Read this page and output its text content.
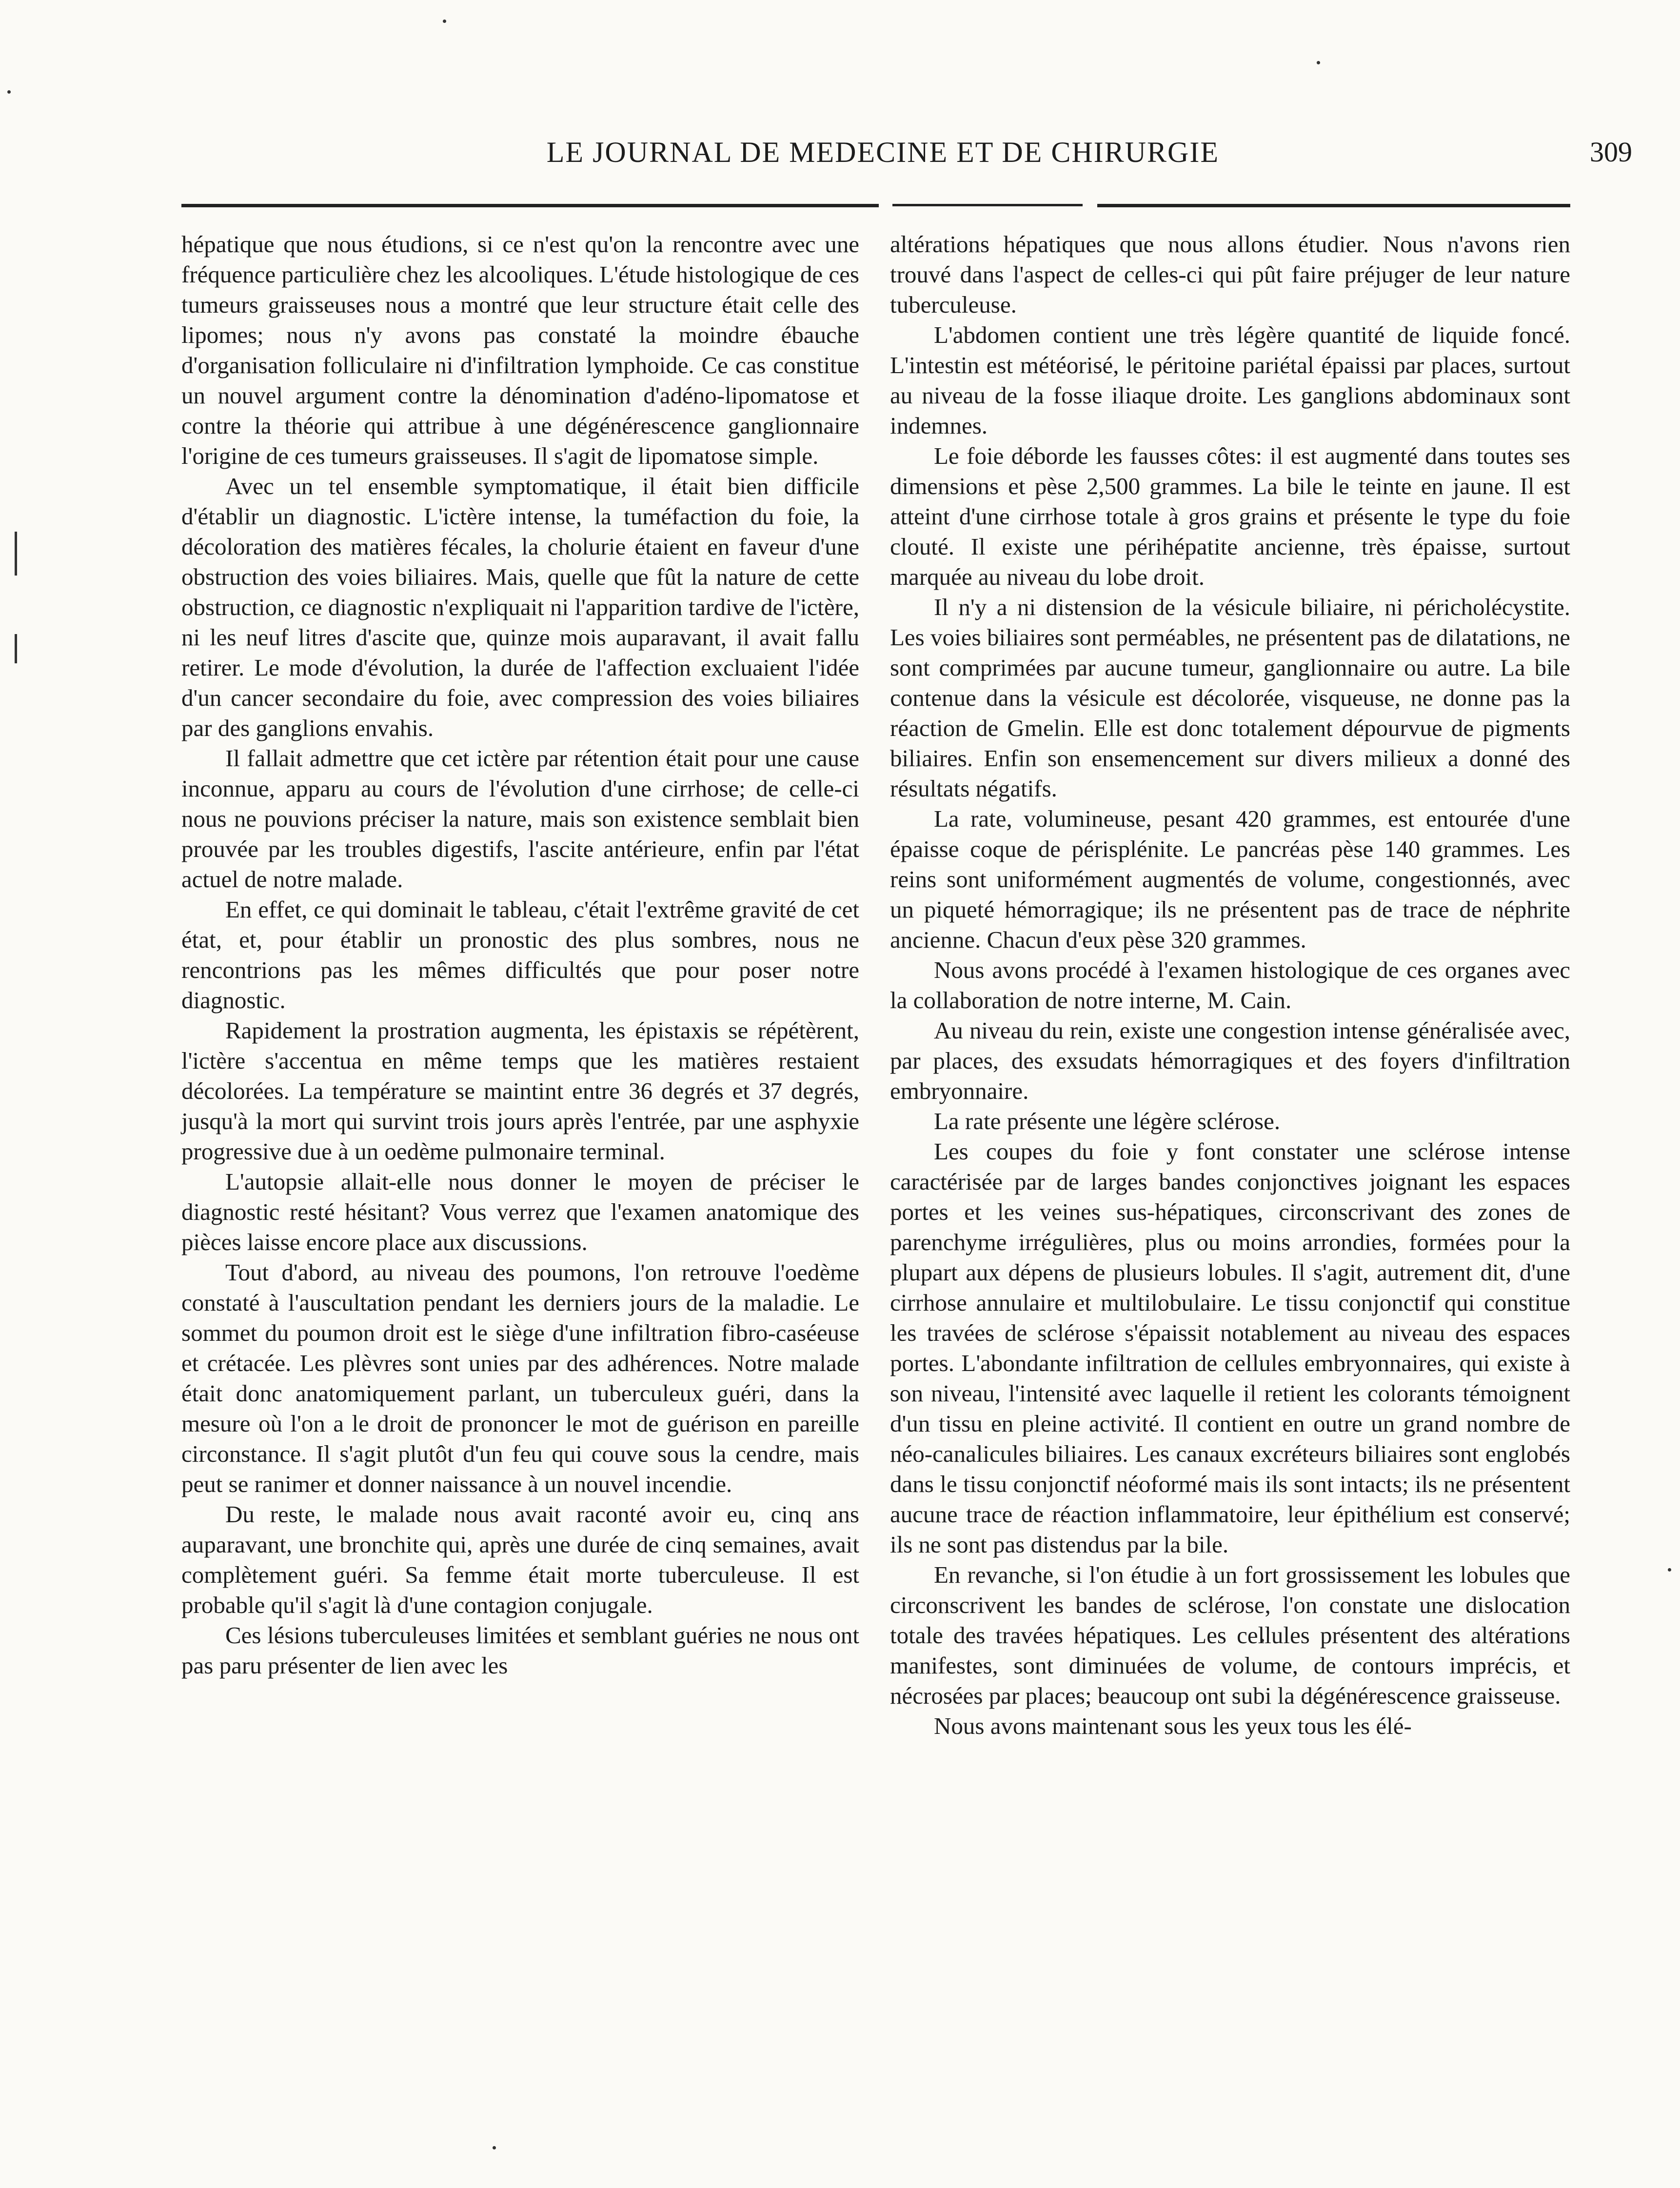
LE JOURNAL DE MEDECINE ET DE CHIRURGIE	309

hépatique que nous étudions, si ce n'est qu'on la rencontre avec une fréquence particulière chez les alcooliques. L'étude histologique de ces tumeurs graisseuses nous a montré que leur structure était celle des lipomes; nous n'y avons pas constaté la moindre ébauche d'organisation folliculaire ni d'infiltration lymphoide. Ce cas constitue un nouvel argument contre la dénomination d'adéno-lipomatose et contre la théorie qui attribue à une dégénérescence ganglionnaire l'origine de ces tumeurs graisseuses. Il s'agit de lipomatose simple.

Avec un tel ensemble symptomatique, il était bien difficile d'établir un diagnostic. L'ictère intense, la tuméfaction du foie, la décoloration des matières fécales, la cholurie étaient en faveur d'une obstruction des voies biliaires. Mais, quelle que fût la nature de cette obstruction, ce diagnostic n'expliquait ni l'apparition tardive de l'ictère, ni les neuf litres d'ascite que, quinze mois auparavant, il avait fallu retirer. Le mode d'évolution, la durée de l'affection excluaient l'idée d'un cancer secondaire du foie, avec compression des voies biliaires par des ganglions envahis.

Il fallait admettre que cet ictère par rétention était pour une cause inconnue, apparu au cours de l'évolution d'une cirrhose; de celle-ci nous ne pouvions préciser la nature, mais son existence semblait bien prouvée par les troubles digestifs, l'ascite antérieure, enfin par l'état actuel de notre malade.

En effet, ce qui dominait le tableau, c'était l'extrême gravité de cet état, et, pour établir un pronostic des plus sombres, nous ne rencontrions pas les mêmes difficultés que pour poser notre diagnostic.

Rapidement la prostration augmenta, les épistaxis se répétèrent, l'ictère s'accentua en même temps que les matières restaient décolorées. La température se maintint entre 36 degrés et 37 degrés, jusqu'à la mort qui survint trois jours après l'entrée, par une asphyxie progressive due à un oedème pulmonaire terminal.

L'autopsie allait-elle nous donner le moyen de préciser le diagnostic resté hésitant? Vous verrez que l'examen anatomique des pièces laisse encore place aux discussions.

Tout d'abord, au niveau des poumons, l'on retrouve l'oedème constaté à l'auscultation pendant les derniers jours de la maladie. Le sommet du poumon droit est le siège d'une infiltration fibro-caséeuse et crétacée. Les plèvres sont unies par des adhérences. Notre malade était donc anatomiquement parlant, un tuberculeux guéri, dans la mesure où l'on a le droit de prononcer le mot de guérison en pareille circonstance. Il s'agit plutôt d'un feu qui couve sous la cendre, mais peut se ranimer et donner naissance à un nouvel incendie.

Du reste, le malade nous avait raconté avoir eu, cinq ans auparavant, une bronchite qui, après une durée de cinq semaines, avait complètement guéri. Sa femme était morte tuberculeuse. Il est probable qu'il s'agit là d'une contagion conjugale.

Ces lésions tuberculeuses limitées et semblant guéries ne nous ont pas paru présenter de lien avec les

altérations hépatiques que nous allons étudier. Nous n'avons rien trouvé dans l'aspect de celles-ci qui pût faire préjuger de leur nature tuberculeuse.

L'abdomen contient une très légère quantité de liquide foncé. L'intestin est météorisé, le péritoine pariétal épaissi par places, surtout au niveau de la fosse iliaque droite. Les ganglions abdominaux sont indemnes.

Le foie déborde les fausses côtes: il est augmenté dans toutes ses dimensions et pèse 2,500 grammes. La bile le teinte en jaune. Il est atteint d'une cirrhose totale à gros grains et présente le type du foie clouté. Il existe une périhépatite ancienne, très épaisse, surtout marquée au niveau du lobe droit.

Il n'y a ni distension de la vésicule biliaire, ni péricholécystite. Les voies biliaires sont perméables, ne présentent pas de dilatations, ne sont comprimées par aucune tumeur, ganglionnaire ou autre. La bile contenue dans la vésicule est décolorée, visqueuse, ne donne pas la réaction de Gmelin. Elle est donc totalement dépourvue de pigments biliaires. Enfin son ensemencement sur divers milieux a donné des résultats négatifs.

La rate, volumineuse, pesant 420 grammes, est entourée d'une épaisse coque de périsplénite. Le pancréas pèse 140 grammes. Les reins sont uniformément augmentés de volume, congestionnés, avec un piqueté hémorragique; ils ne présentent pas de trace de néphrite ancienne. Chacun d'eux pèse 320 grammes.

Nous avons procédé à l'examen histologique de ces organes avec la collaboration de notre interne, M. Cain.

Au niveau du rein, existe une congestion intense généralisée avec, par places, des exsudats hémorragiques et des foyers d'infiltration embryonnaire.

La rate présente une légère sclérose.

Les coupes du foie y font constater une sclérose intense caractérisée par de larges bandes conjonctives joignant les espaces portes et les veines sus-hépatiques, circonscrivant des zones de parenchyme irrégulières, plus ou moins arrondies, formées pour la plupart aux dépens de plusieurs lobules. Il s'agit, autrement dit, d'une cirrhose annulaire et multilobulaire. Le tissu conjonctif qui constitue les travées de sclérose s'épaissit notablement au niveau des espaces portes. L'abondante infiltration de cellules embryonnaires, qui existe à son niveau, l'intensité avec laquelle il retient les colorants témoignent d'un tissu en pleine activité. Il contient en outre un grand nombre de néo-canalicules biliaires. Les canaux excréteurs biliaires sont englobés dans le tissu conjonctif néoformé mais ils sont intacts; ils ne présentent aucune trace de réaction inflammatoire, leur épithélium est conservé; ils ne sont pas distendus par la bile.

En revanche, si l'on étudie à un fort grossissement les lobules que circonscrivent les bandes de sclérose, l'on constate une dislocation totale des travées hépatiques. Les cellules présentent des altérations manifestes, sont diminuées de volume, de contours imprécis, et nécrosées par places; beaucoup ont subi la dégénérescence graisseuse.

Nous avons maintenant sous les yeux tous les élé-
